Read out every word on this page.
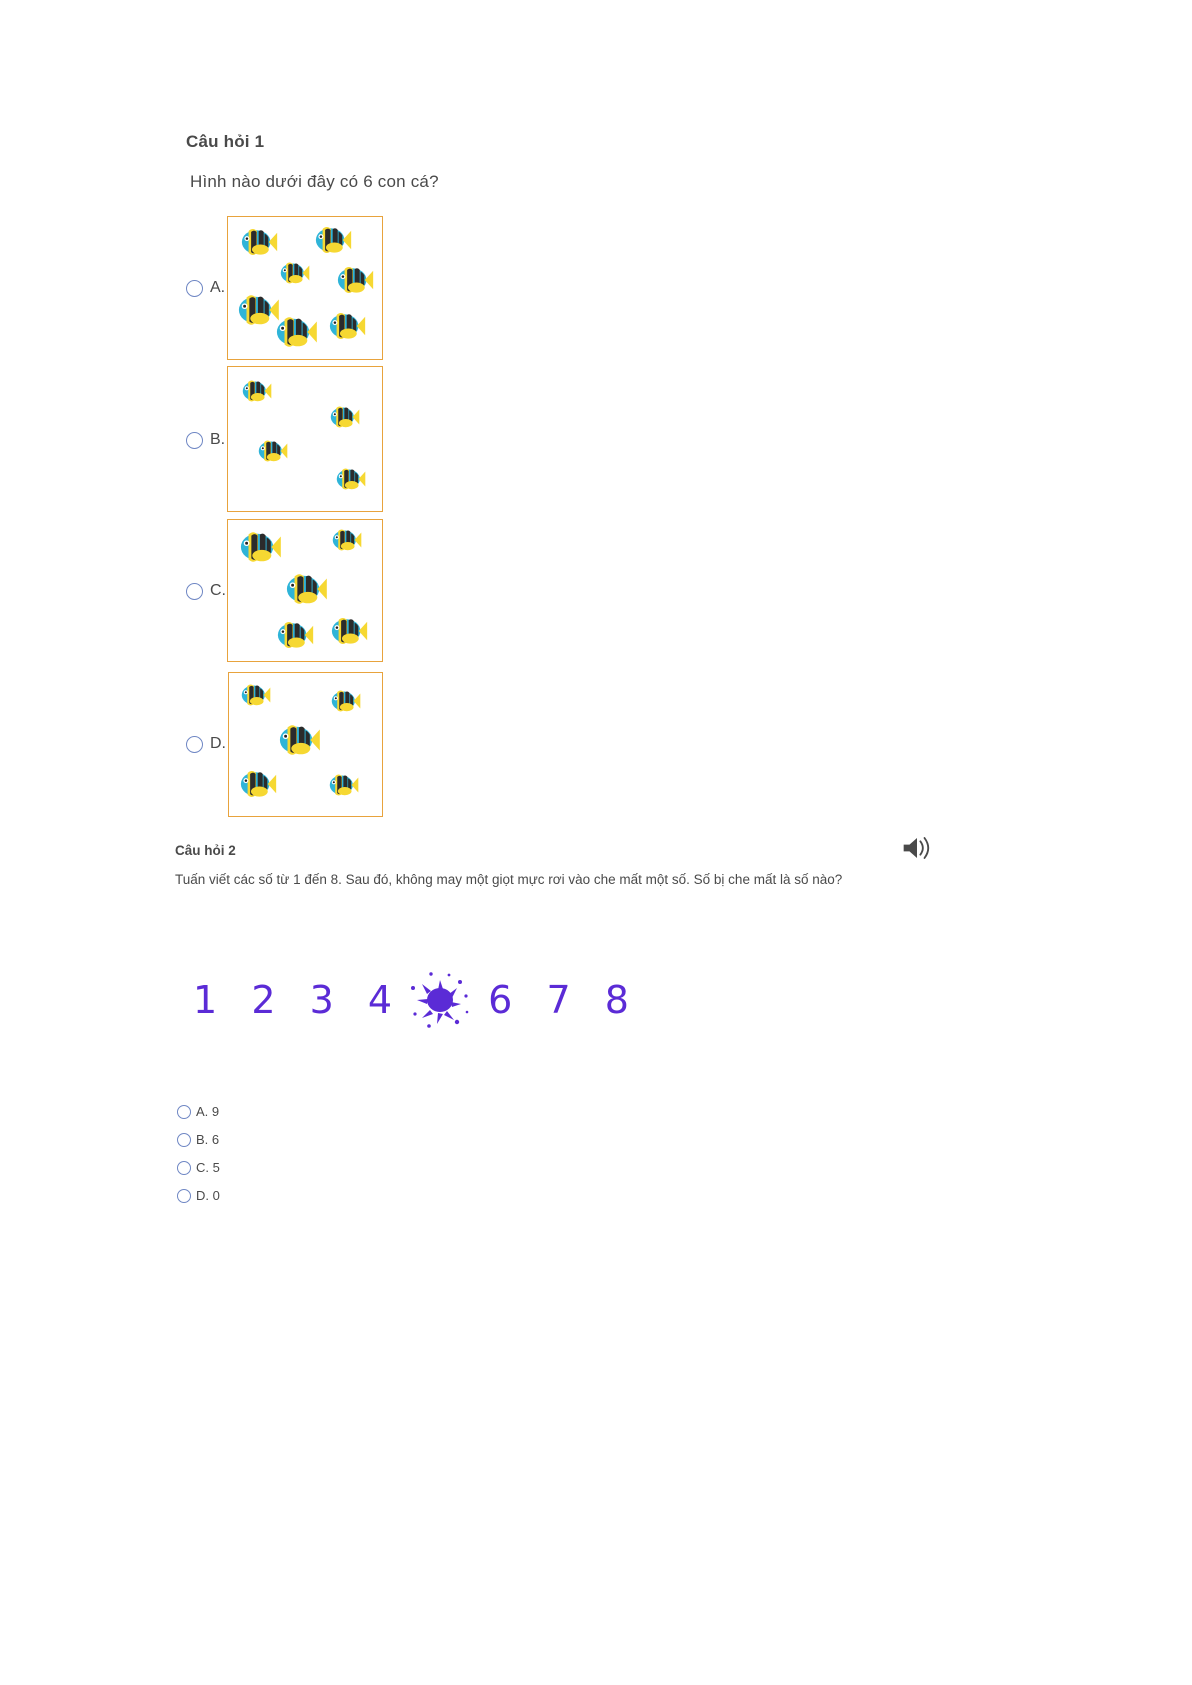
Câu hỏi 1
Hình nào dưới đây có 6 con cá?
A.
B.
C.
D.
Câu hỏi 2
Tuấn viết các số từ 1 đến 8. Sau đó, không may một giọt mực rơi vào che mất một số. Số bị che mất là số nào?
1 2 3 4	6 7 8
A. 9
B. 6
C. 5
D. 0
